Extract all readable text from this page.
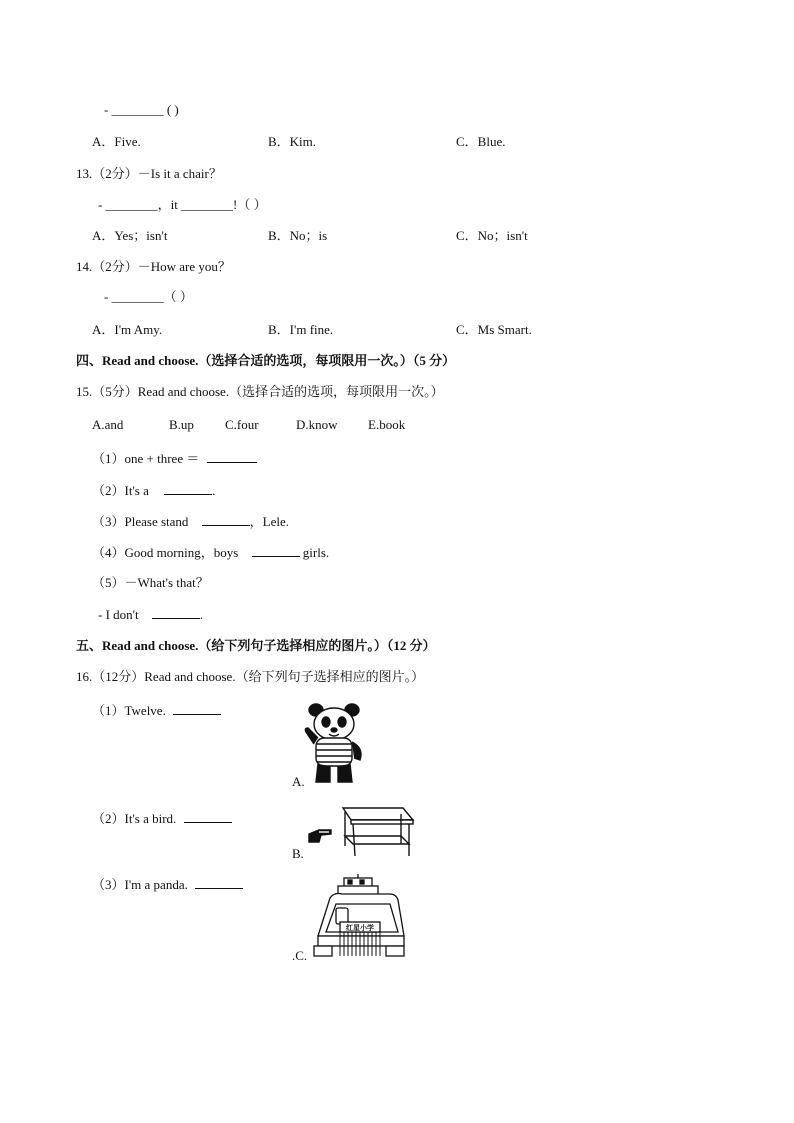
- ________ ( )
A．Five.	B．Kim.	C．Blue.
13.（2分）－Is it a chair？
- ________，it ________!（ ）
A．Yes；isn't	B．No；is	C．No；isn't
14.（2分）－How are you？
- ________（ ）
A．I'm Amy.	B．I'm fine.	C．Ms Smart.
四、Read and choose.（选择合适的选项，每项限用一次。）（5 分）
15.（5分）Read and choose.（选择合适的选项，每项限用一次。）
A.and	B.up C.four	D.know E.book
（1）one + three ＝
（2）It's a	.
（3）Please stand	，Lele.
（4）Good morning，boys	girls.
（5）－What's that？
- I don't	.
五、Read and choose.（给下列句子选择相应的图片。）（12 分）
16.（12分）Read and choose.（给下列句子选择相应的图片。）
（1）Twelve.
（2）It's a bird.
（3）I'm a panda.
A.
B.
红星小学
.C.
